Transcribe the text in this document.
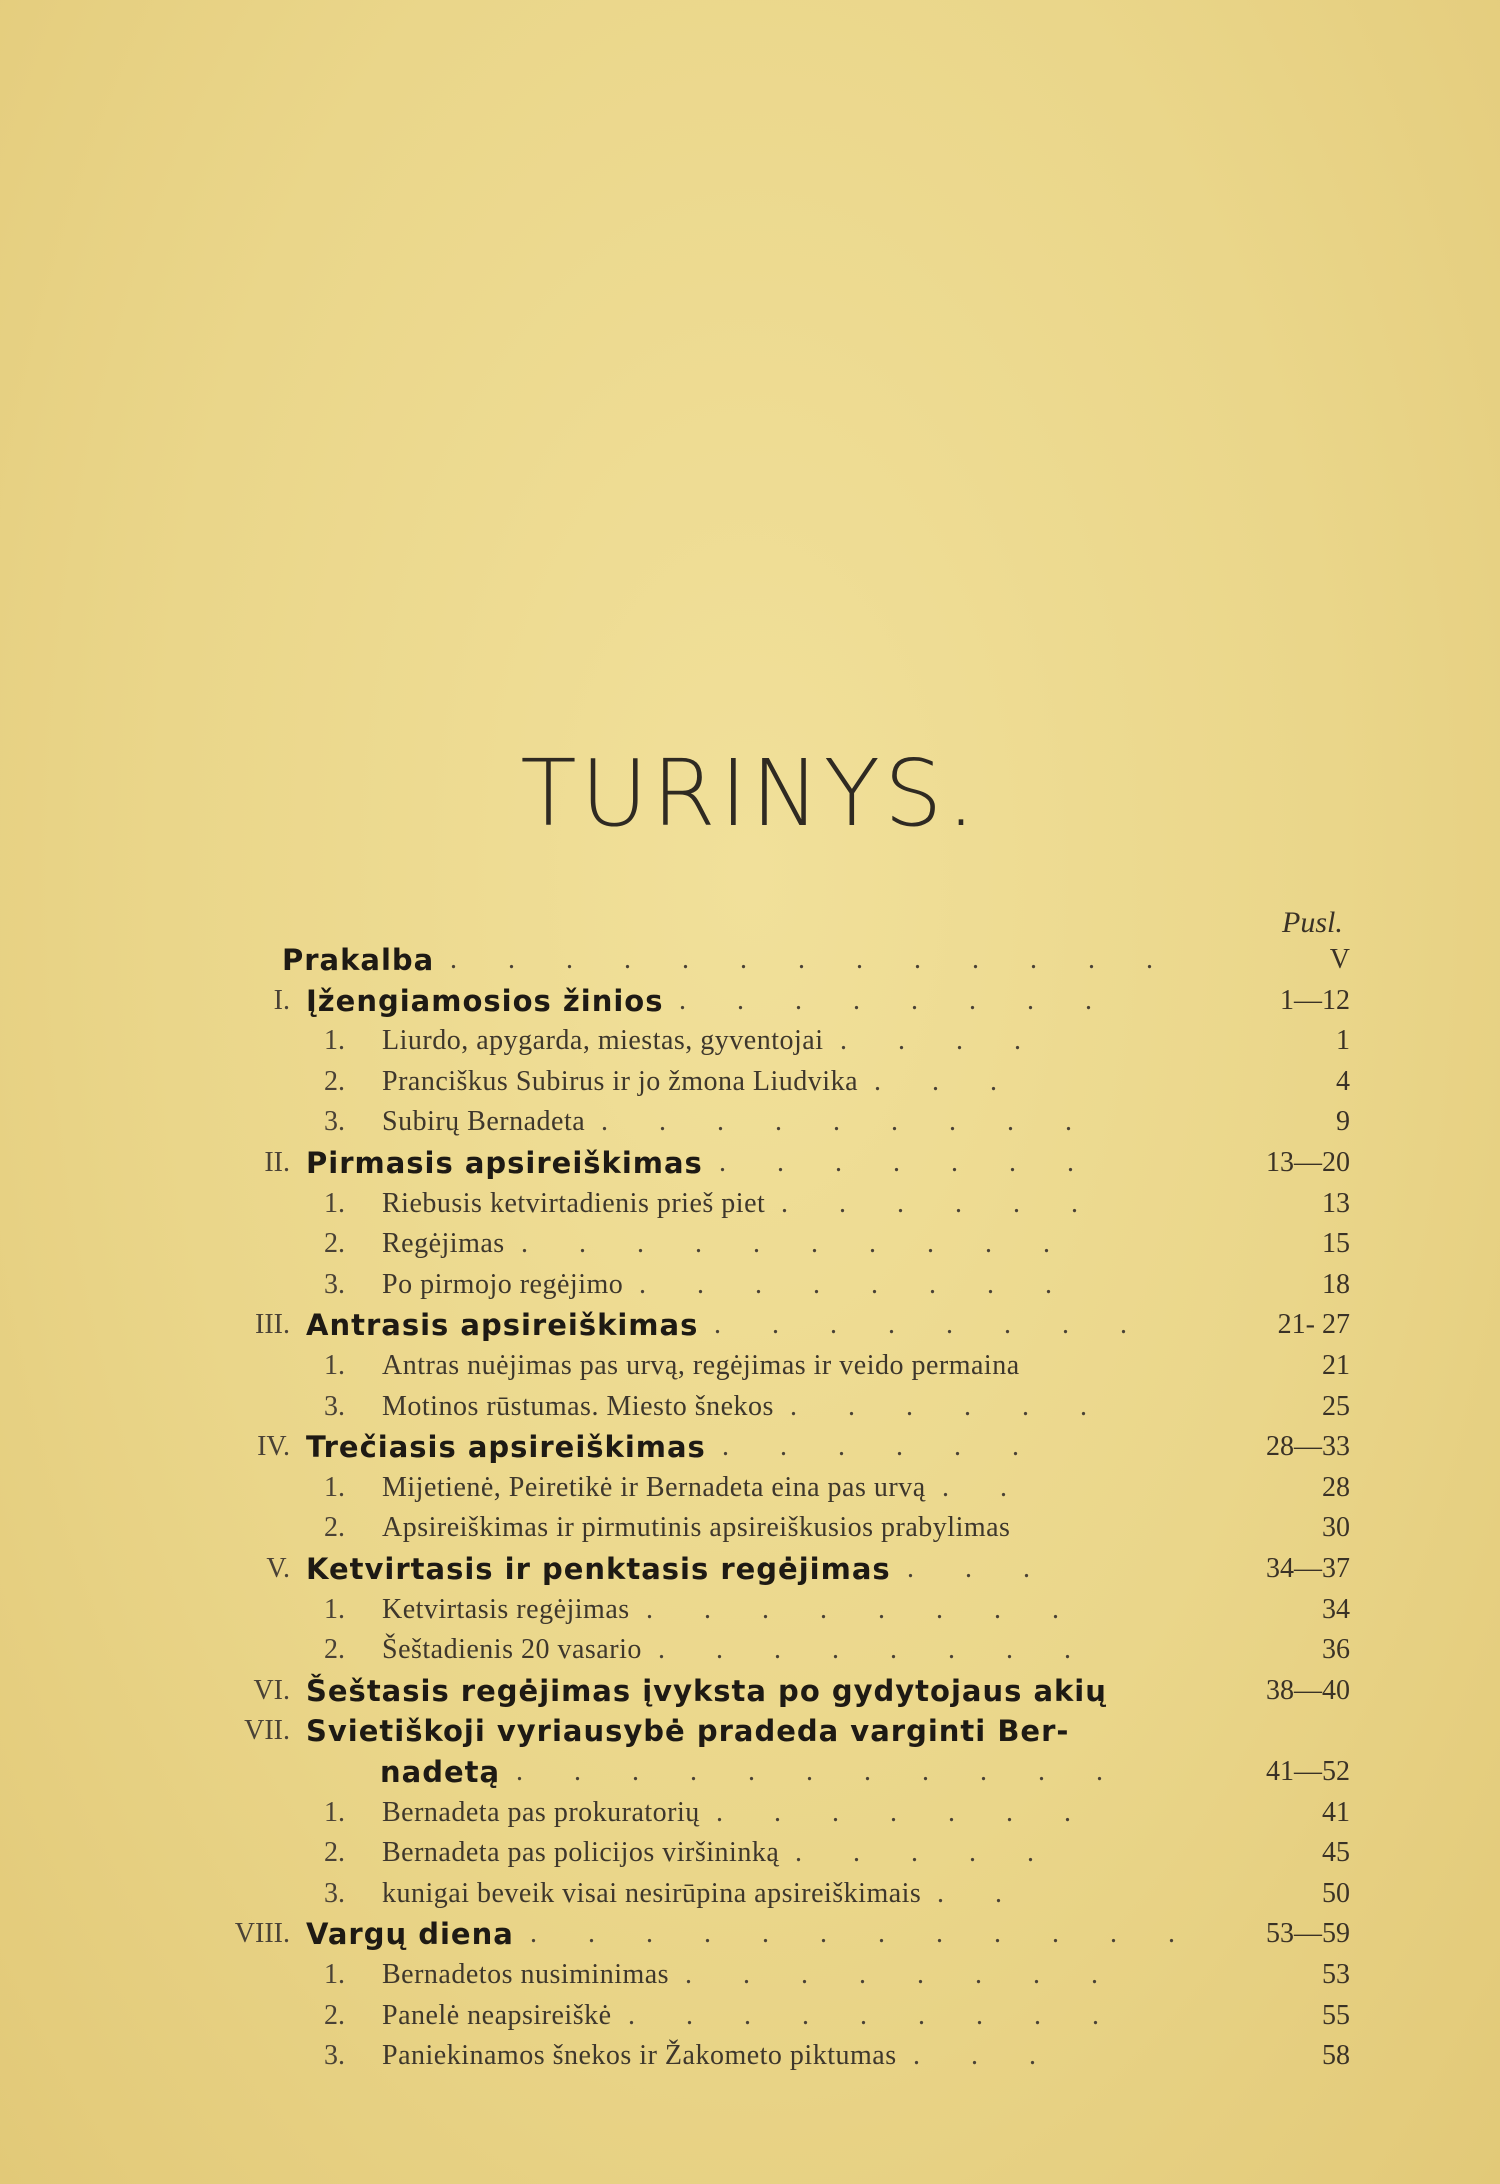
TURINYS.
Pusl.
Prakalba . . . . . . . . . . . . .	V
I. Įžengiamosios žinios . . . . . . . .	1—12
1. Liurdo, apygarda, miestas, gyventojai . . . .	1
2. Pranciškus Subirus ir jo žmona Liudvika . . .	4
3. Subirų Bernadeta . . . . . . . . .	9
II. Pirmasis apsireiškimas . . . . . . .	13—20
1. Riebusis ketvirtadienis prieš piet . . . . . .	13
2. Regėjimas . . . . . . . . . .	15
3. Po pirmojo regėjimo . . . . . . . .	18
III. Antrasis apsireiškimas . . . . . . . .	21- 27
1. Antras nuėjimas pas urvą, regėjimas ir veido permaina	21
3. Motinos rūstumas. Miesto šnekos . . . . . .	25
IV. Trečiasis apsireiškimas . . . . . .	28—33
1. Mijetienė, Peiretikė ir Bernadeta eina pas urvą . .	28
2. Apsireiškimas ir pirmutinis apsireiškusios prabylimas	30
V. Ketvirtasis ir penktasis regėjimas . . .	34—37
1. Ketvirtasis regėjimas . . . . . . . .	34
2. Šeštadienis 20 vasario . . . . . . . .	36
VI. Šeštasis regėjimas įvyksta po gydytojaus akių	38—40
VII. Svietiškoji vyriausybė pradeda varginti Ber-
nadetą . . . . . . . . . . .	41—52
1. Bernadeta pas prokuratorių . . . . . . .	41
2. Bernadeta pas policijos viršininką . . . . .	45
3. kunigai beveik visai nesirūpina apsireiškimais . .	50
VIII. Vargų diena . . . . . . . . . . . .	53—59
1. Bernadetos nusiminimas . . . . . . . .	53
2. Panelė neapsireiškė . . . . . . . . .	55
3. Paniekinamos šnekos ir Žakometo piktumas . . .	58
